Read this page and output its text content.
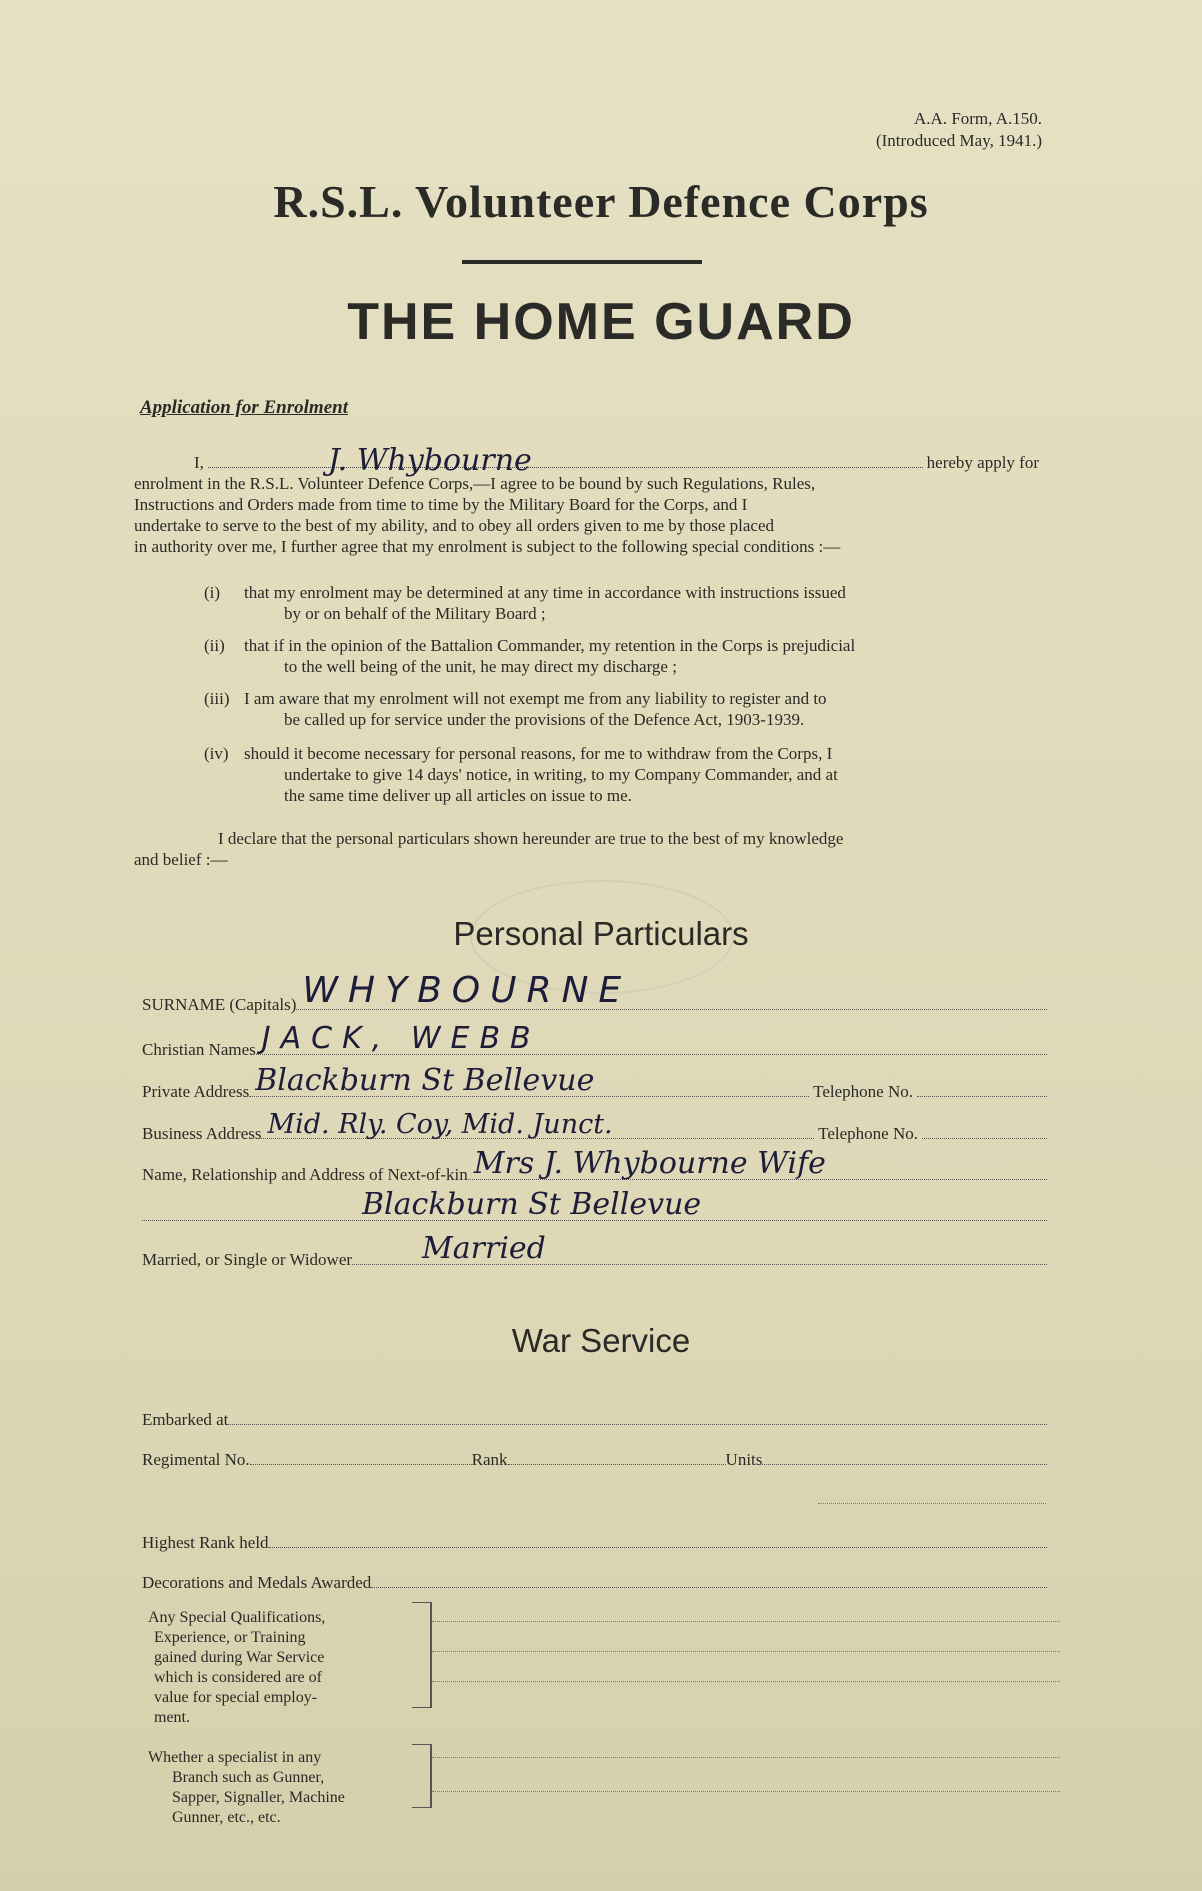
A.A. Form, A.150.
(Introduced May, 1941.)
R.S.L. Volunteer Defence Corps
THE HOME GUARD
Application for Enrolment
I,	J. Whybourne	hereby apply for
enrolment in the R.S.L. Volunteer Defence Corps,—I agree to be bound by such Regulations, Rules,
Instructions and Orders made from time to time by the Military Board for the Corps, and I
undertake to serve to the best of my ability, and to obey all orders given to me by those placed
in authority over me, I further agree that my enrolment is subject to the following special conditions :—
(i) that my enrolment may be determined at any time in accordance with instructions issued
by or on behalf of the Military Board ;
(ii) that if in the opinion of the Battalion Commander, my retention in the Corps is prejudicial
to the well being of the unit, he may direct my discharge ;
(iii) I am aware that my enrolment will not exempt me from any liability to register and to
be called up for service under the provisions of the Defence Act, 1903-1939.
(iv) should it become necessary for personal reasons, for me to withdraw from the Corps, I
undertake to give 14 days' notice, in writing, to my Company Commander, and at
the same time deliver up all articles on issue to me.
I declare that the personal particulars shown hereunder are true to the best of my knowledge
and belief :—
Personal Particulars
SURNAME (Capitals) WHYBOURNE
Christian Names JACK, WEBB
Private Address Blackburn St Bellevue	Telephone No.
Business Address Mid. Rly. Coy, Mid. Junct.	Telephone No.
Name, Relationship and Address of Next-of-kin Mrs J. Whybourne Wife
Blackburn St Bellevue
Married, or Single or Widower Married
War Service
Embarked at
Regimental No.	Rank	Units
Highest Rank held
Decorations and Medals Awarded
Any Special Qualifications,
Experience, or Training
gained during War Service
which is considered are of
value for special employ-
ment.
Whether a specialist in any
Branch such as Gunner,
Sapper, Signaller, Machine
Gunner, etc., etc.
